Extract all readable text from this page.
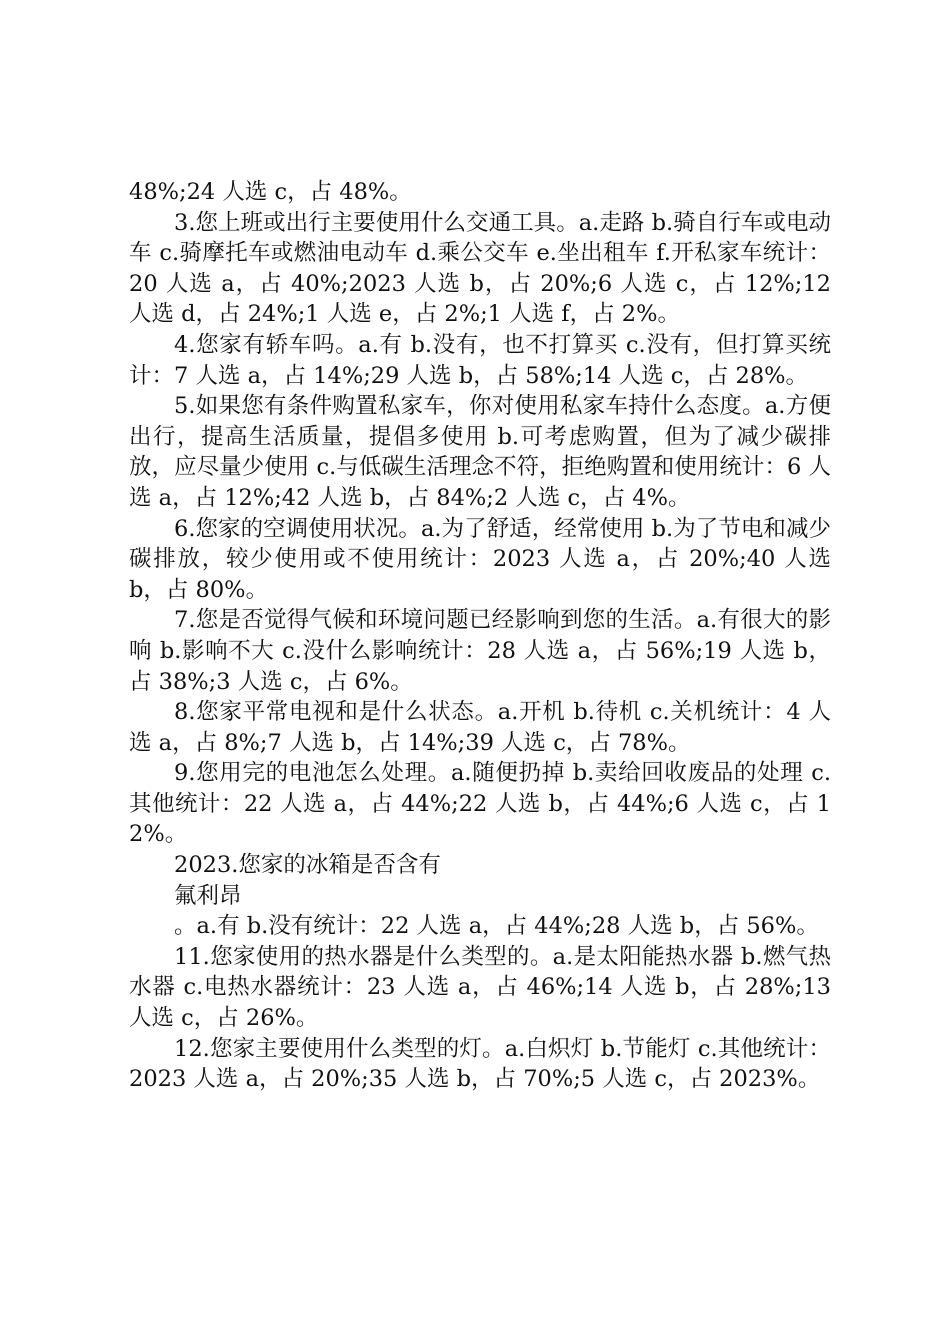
48%;24 人选 c，占 48%。

3.您上班或出行主要使用什么交通工具。a.走路 b.骑自行车或电动车 c.骑摩托车或燃油电动车 d.乘公交车 e.坐出租车 f.开私家车统计：20 人选 a，占 40%;2023 人选 b，占 20%;6 人选 c，占 12%;12 人选 d，占 24%;1 人选 e，占 2%;1 人选 f，占 2%。

4.您家有轿车吗。a.有 b.没有，也不打算买 c.没有，但打算买统计：7 人选 a，占 14%;29 人选 b，占 58%;14 人选 c，占 28%。

5.如果您有条件购置私家车，你对使用私家车持什么态度。a.方便出行，提高生活质量，提倡多使用 b.可考虑购置，但为了减少碳排放，应尽量少使用 c.与低碳生活理念不符，拒绝购置和使用统计：6 人选 a，占 12%;42 人选 b，占 84%;2 人选 c，占 4%。

6.您家的空调使用状况。a.为了舒适，经常使用 b.为了节电和减少碳排放，较少使用或不使用统计：2023 人选 a，占 20%;40 人选 b，占 80%。

7.您是否觉得气候和环境问题已经影响到您的生活。a.有很大的影响 b.影响不大 c.没什么影响统计：28 人选 a，占 56%;19 人选 b，占 38%;3 人选 c，占 6%。

8.您家平常电视和是什么状态。a.开机 b.待机 c.关机统计：4 人选 a，占 8%;7 人选 b，占 14%;39 人选 c，占 78%。

9.您用完的电池怎么处理。a.随便扔掉 b.卖给回收废品的处理 c.其他统计：22 人选 a，占 44%;22 人选 b，占 44%;6 人选 c，占 12%。

2023.您家的冰箱是否含有

氟利昂

。a.有 b.没有统计：22 人选 a，占 44%;28 人选 b，占 56%。

11.您家使用的热水器是什么类型的。a.是太阳能热水器 b.燃气热水器 c.电热水器统计：23 人选 a，占 46%;14 人选 b，占 28%;13 人选 c，占 26%。

12.您家主要使用什么类型的灯。a.白炽灯 b.节能灯 c.其他统计：2023 人选 a，占 20%;35 人选 b，占 70%;5 人选 c，占 2023%。
